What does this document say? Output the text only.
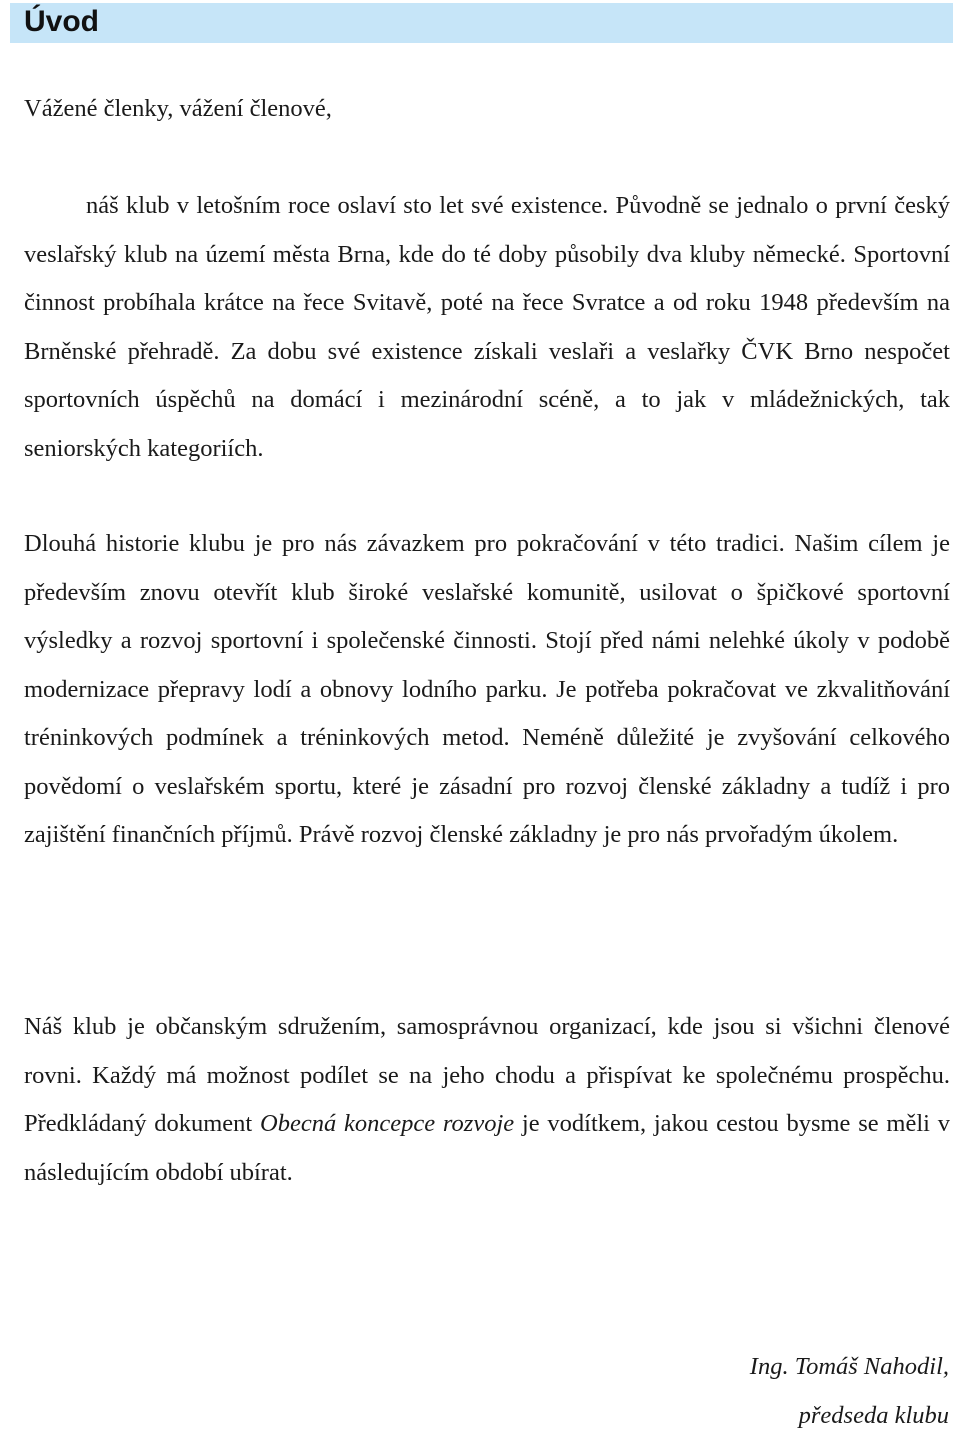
Úvod

Vážené členky, vážení členové,

náš klub v letošním roce oslaví sto let své existence. Původně se jednalo o první český veslařský klub na území města Brna, kde do té doby působily dva kluby německé. Sportovní činnost probíhala krátce na řece Svitavě, poté na řece Svratce a od roku 1948 především na Brněnské přehradě. Za dobu své existence získali veslaři a veslařky ČVK Brno nespočet sportovních úspěchů na domácí i mezinárodní scéně, a to jak v mládežnických, tak seniorských kategoriích.

Dlouhá historie klubu je pro nás závazkem pro pokračování v této tradici. Našim cílem je především znovu otevřít klub široké veslařské komunitě, usilovat o špičkové sportovní výsledky a rozvoj sportovní i společenské činnosti. Stojí před námi nelehké úkoly v podobě modernizace přepravy lodí a obnovy lodního parku. Je potřeba pokračovat ve zkvalitňování tréninkových podmínek a tréninkových metod. Neméně důležité je zvyšování celkového povědomí o veslařském sportu, které je zásadní pro rozvoj členské základny a tudíž i pro zajištění finančních příjmů. Právě rozvoj členské základny je pro nás prvořadým úkolem.

Náš klub je občanským sdružením, samosprávnou organizací, kde jsou si všichni členové rovni. Každý má možnost podílet se na jeho chodu a přispívat ke společnému prospěchu. Předkládaný dokument Obecná koncepce rozvoje je vodítkem, jakou cestou bysme se měli v následujícím období ubírat.

Ing. Tomáš Nahodil,
předseda klubu
